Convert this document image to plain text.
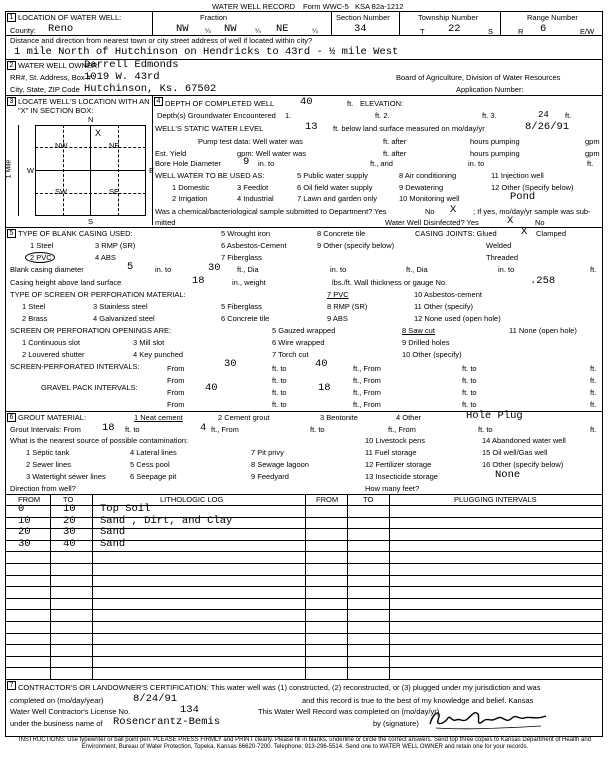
WATER WELL RECORD Form WWC-5 KSA 82a-1212
1 LOCATION OF WATER WELL:
County: Reno
Fraction
NW ¼ NW	¼ NE	¼
Section Number
34
Township Number
T 22	S
Range Number
R 6	E/W
Distance and direction from nearest town or city street address of well if located within city?
1 mile North of Hutchinson on Hendricks to 43rd - ½ mile West
2 WATER WELL OWNER:
Darrell Edmonds
RR#, St. Address, Box # :
1019 W. 43rd	Board of Agriculture, Division of Water Resources
City, State, ZIP Code Hutchinson, Ks. 67502	Application Number:
3 LOCATE WELL'S LOCATION WITH AN "X" IN SECTION BOX:
N
NW	NE
SW	SE
X
W	E
S
1 Mile
4 DEPTH OF COMPLETED WELL 40	ft. ELEVATION:
Depth(s) Groundwater Encountered 1.	ft. 2.	ft. 3.	24 ft.
WELL'S STATIC WATER LEVEL	13 ft. below land surface measured on mo/day/yr	8/26/91
Pump test data: Well water was	ft. after	hours pumping	gpm
Est. Yield	gpm: Well water was	ft. after	hours pumping	gpm
Bore Hole Diameter 9 in. to	ft., and	in. to	ft.
WELL WATER TO BE USED AS:
1 Domestic
2 Irrigation
3 Feedlot
4 Industrial
5 Public water supply
6 Oil field water supply
7 Lawn and garden only
8 Air conditioning
9 Dewatering
10 Monitoring well
11 Injection well
12 Other (Specify below)
Pond
Was a chemical/bacteriological sample submitted to Department? Yes	No X ; If yes, mo/day/yr sample was sub-
mitted	Water Well Disinfected? Yes	X	No
5 TYPE OF BLANK CASING USED:
1 Steel
2 PVC
3 RMP (SR)
4 ABS
5 Wrought iron
6 Asbestos-Cement
7 Fiberglass
8 Concrete tile
9 Other (specify below)
CASING JOINTS: Glued X Clamped
Welded
Threaded
Blank casing diameter	5	in. to	30 ft., Dia	in. to	ft., Dia	in. to	ft.
Casing height above land surface	18	in., weight	lbs./ft. Wall thickness or gauge No.	.258
TYPE OF SCREEN OR PERFORATION MATERIAL:
1 Steel
2 Brass
3 Stainless steel
4 Galvanized steel
5 Fiberglass
6 Concrete tile
7 PVC
8 RMP (SR)
9 ABS
10 Asbestos-cement
11 Other (specify)
12 None used (open hole)
SCREEN OR PERFORATION OPENINGS ARE:
1 Continuous slot
2 Louvered shutter
3 Mill slot
4 Key punched
5 Gauzed wrapped
6 Wire wrapped
7 Torch cut
8 Saw cut
9 Drilled holes
10 Other (specify)
11 None (open hole)
SCREEN-PERFORATED INTERVALS:	From	30	ft. to	40	ft., From	ft. to	ft.
From	ft. to	ft., From	ft. to	ft.
GRAVEL PACK INTERVALS:
From 40	ft. to	18	ft., From	ft. to	ft.
From	ft. to	ft., From	ft. to	ft.
6 GROUT MATERIAL:	1 Neat cement	2 Cement grout	3 Bentonite	4 Other	Hole Plug
Grout Intervals: From 18 ft. to	4 ft., From	ft. to	ft., From	ft. to	ft.
What is the nearest source of possible contamination:
1 Septic tank
2 Sewer lines
3 Watertight sewer lines
4 Lateral lines
5 Cess pool
6 Seepage pit
7 Pit privy
8 Sewage lagoon
9 Feedyard
10 Livestock pens
11 Fuel storage
12 Fertilizer storage
13 Insecticide storage
14 Abandoned water well
15 Oil well/Gas well
16 Other (specify below)
None
Direction from well?	How many feet?
FROM	TO	LITHOLOGIC LOG	FROM	TO	PLUGGING INTERVALS
0	10 Top Soil
10	20 Sand , Dirt, and Clay
20	30 Sand
30	40 Sand
7 CONTRACTOR'S OR LANDOWNER'S CERTIFICATION: This water well was (1) constructed, (2) reconstructed, or (3) plugged under my jurisdiction and was
completed on (mo/day/year)	8/24/91	and this record is true to the best of my knowledge and belief. Kansas
Water Well Contractor's License No.	134	This Water Well Record was completed on (mo/day/yr)
under the business name of Rosencrantz-Bemis	by (signature)
INSTRUCTIONS: Use typewriter or ball point pen. PLEASE PRESS FIRMLY and PRINT clearly. Please fill in blanks, underline or circle the correct answers. Send top three copies to Kansas Department of Health and Environment, Bureau of Water Protection, Topeka, Kansas 66620-7200. Telephone: 913-296-5514. Send one to WATER WELL OWNER and retain one for your records.
